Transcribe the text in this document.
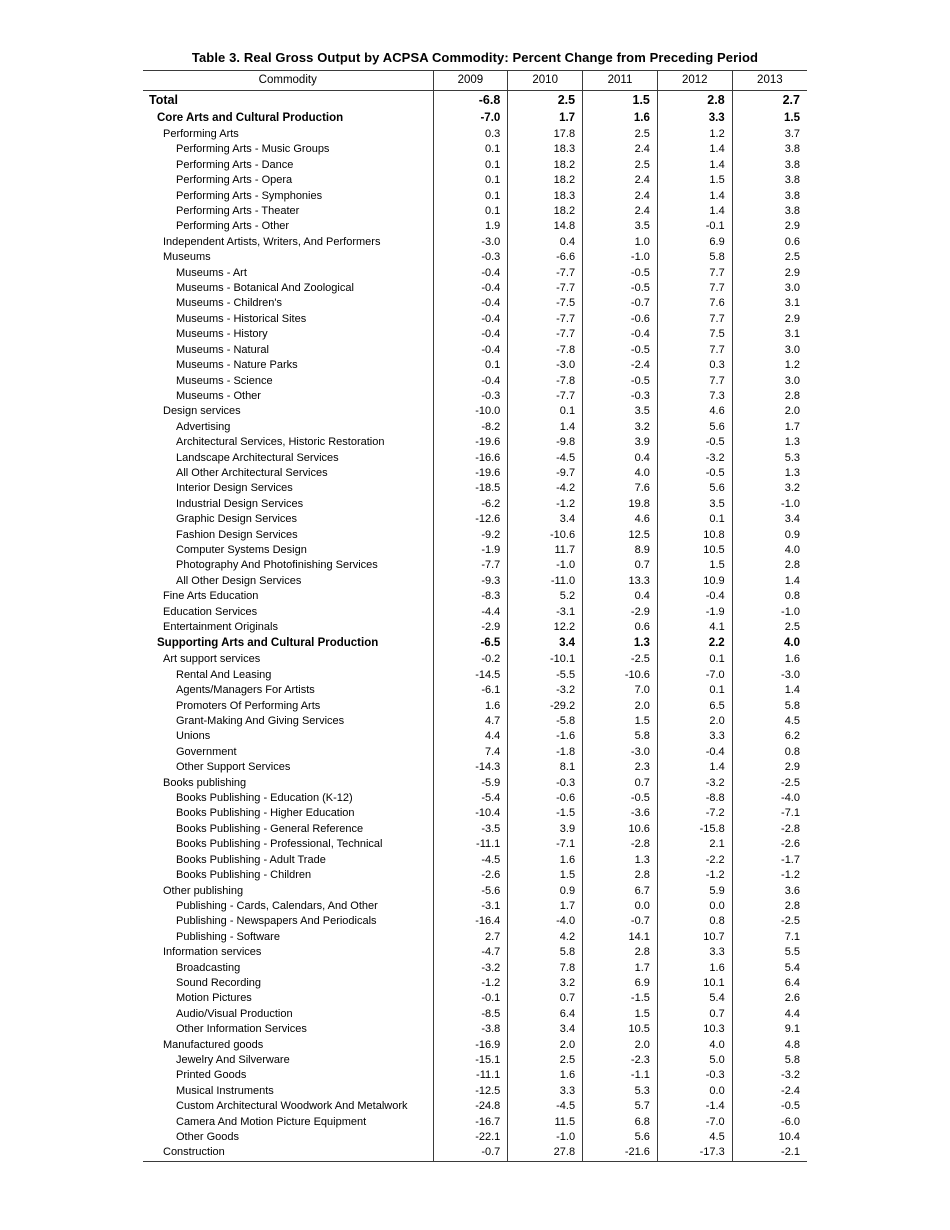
Table 3. Real Gross Output by ACPSA Commodity: Percent Change from Preceding Period
Commodity	2009	2010	2011	2012	2013
Total	-6.8	2.5	1.5	2.8	2.7
Core Arts and Cultural Production	-7.0	1.7	1.6	3.3	1.5
Performing Arts	0.3	17.8	2.5	1.2	3.7
Performing Arts - Music Groups	0.1	18.3	2.4	1.4	3.8
Performing Arts - Dance	0.1	18.2	2.5	1.4	3.8
Performing Arts - Opera	0.1	18.2	2.4	1.5	3.8
Performing Arts - Symphonies	0.1	18.3	2.4	1.4	3.8
Performing Arts - Theater	0.1	18.2	2.4	1.4	3.8
Performing Arts - Other	1.9	14.8	3.5	-0.1	2.9
Independent Artists, Writers, And Performers	-3.0	0.4	1.0	6.9	0.6
Museums	-0.3	-6.6	-1.0	5.8	2.5
Museums - Art	-0.4	-7.7	-0.5	7.7	2.9
Museums - Botanical And Zoological	-0.4	-7.7	-0.5	7.7	3.0
Museums - Children's	-0.4	-7.5	-0.7	7.6	3.1
Museums - Historical Sites	-0.4	-7.7	-0.6	7.7	2.9
Museums - History	-0.4	-7.7	-0.4	7.5	3.1
Museums - Natural	-0.4	-7.8	-0.5	7.7	3.0
Museums - Nature Parks	0.1	-3.0	-2.4	0.3	1.2
Museums - Science	-0.4	-7.8	-0.5	7.7	3.0
Museums - Other	-0.3	-7.7	-0.3	7.3	2.8
Design services	-10.0	0.1	3.5	4.6	2.0
Advertising	-8.2	1.4	3.2	5.6	1.7
Architectural Services, Historic Restoration	-19.6	-9.8	3.9	-0.5	1.3
Landscape Architectural Services	-16.6	-4.5	0.4	-3.2	5.3
All Other Architectural Services	-19.6	-9.7	4.0	-0.5	1.3
Interior Design Services	-18.5	-4.2	7.6	5.6	3.2
Industrial Design Services	-6.2	-1.2	19.8	3.5	-1.0
Graphic Design Services	-12.6	3.4	4.6	0.1	3.4
Fashion Design Services	-9.2	-10.6	12.5	10.8	0.9
Computer Systems Design	-1.9	11.7	8.9	10.5	4.0
Photography And Photofinishing Services	-7.7	-1.0	0.7	1.5	2.8
All Other Design Services	-9.3	-11.0	13.3	10.9	1.4
Fine Arts Education	-8.3	5.2	0.4	-0.4	0.8
Education Services	-4.4	-3.1	-2.9	-1.9	-1.0
Entertainment Originals	-2.9	12.2	0.6	4.1	2.5
Supporting Arts and Cultural Production	-6.5	3.4	1.3	2.2	4.0
Art support services	-0.2	-10.1	-2.5	0.1	1.6
Rental And Leasing	-14.5	-5.5	-10.6	-7.0	-3.0
Agents/Managers For Artists	-6.1	-3.2	7.0	0.1	1.4
Promoters Of Performing Arts	1.6	-29.2	2.0	6.5	5.8
Grant-Making And Giving Services	4.7	-5.8	1.5	2.0	4.5
Unions	4.4	-1.6	5.8	3.3	6.2
Government	7.4	-1.8	-3.0	-0.4	0.8
Other Support Services	-14.3	8.1	2.3	1.4	2.9
Books publishing	-5.9	-0.3	0.7	-3.2	-2.5
Books Publishing - Education (K-12)	-5.4	-0.6	-0.5	-8.8	-4.0
Books Publishing - Higher Education	-10.4	-1.5	-3.6	-7.2	-7.1
Books Publishing - General Reference	-3.5	3.9	10.6	-15.8	-2.8
Books Publishing - Professional, Technical	-11.1	-7.1	-2.8	2.1	-2.6
Books Publishing - Adult Trade	-4.5	1.6	1.3	-2.2	-1.7
Books Publishing - Children	-2.6	1.5	2.8	-1.2	-1.2
Other publishing	-5.6	0.9	6.7	5.9	3.6
Publishing - Cards, Calendars, And Other	-3.1	1.7	0.0	0.0	2.8
Publishing - Newspapers And Periodicals	-16.4	-4.0	-0.7	0.8	-2.5
Publishing - Software	2.7	4.2	14.1	10.7	7.1
Information services	-4.7	5.8	2.8	3.3	5.5
Broadcasting	-3.2	7.8	1.7	1.6	5.4
Sound Recording	-1.2	3.2	6.9	10.1	6.4
Motion Pictures	-0.1	0.7	-1.5	5.4	2.6
Audio/Visual Production	-8.5	6.4	1.5	0.7	4.4
Other Information Services	-3.8	3.4	10.5	10.3	9.1
Manufactured goods	-16.9	2.0	2.0	4.0	4.8
Jewelry And Silverware	-15.1	2.5	-2.3	5.0	5.8
Printed Goods	-11.1	1.6	-1.1	-0.3	-3.2
Musical Instruments	-12.5	3.3	5.3	0.0	-2.4
Custom Architectural Woodwork And Metalwork	-24.8	-4.5	5.7	-1.4	-0.5
Camera And Motion Picture Equipment	-16.7	11.5	6.8	-7.0	-6.0
Other Goods	-22.1	-1.0	5.6	4.5	10.4
Construction	-0.7	27.8	-21.6	-17.3	-2.1
